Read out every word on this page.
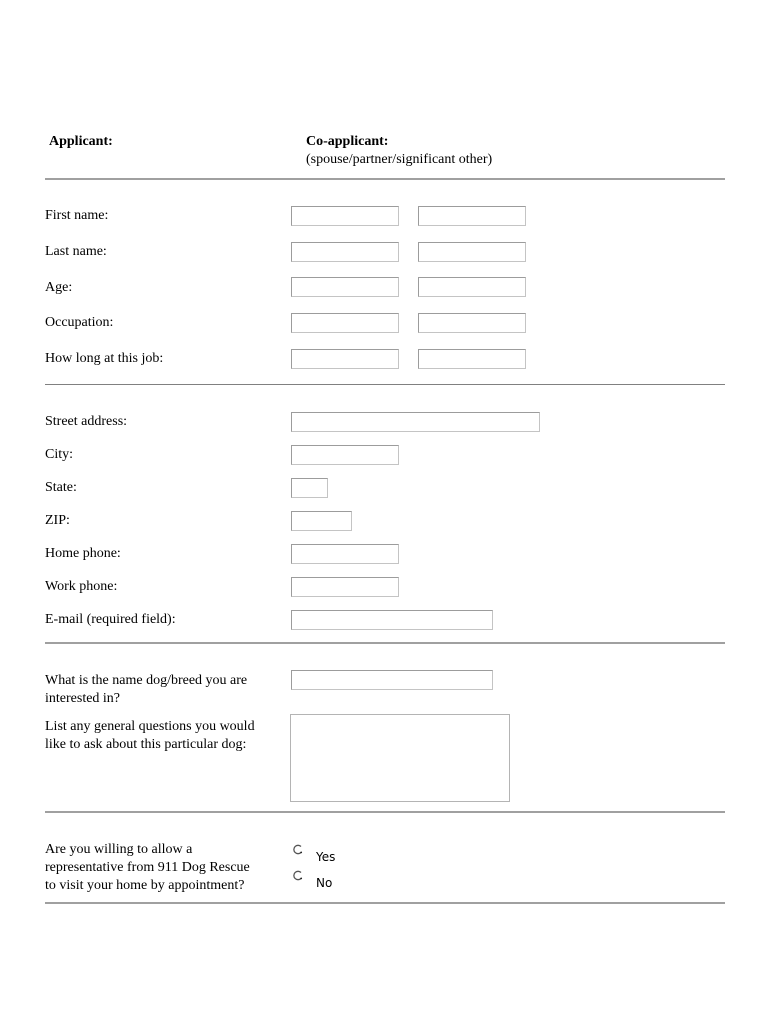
Applicant:	Co-applicant:
(spouse/partner/significant other)
First name:
Last name:
Age:
Occupation:
How long at this job:
Street address:
City:
State:
ZIP:
Home phone:
Work phone:
E-mail (required field):
What is the name dog/breed you are
interested in?
List any general questions you would
like to ask about this particular dog:
Are you willing to allow a
representative from 911 Dog Rescue
to visit your home by appointment?
Yes
No
